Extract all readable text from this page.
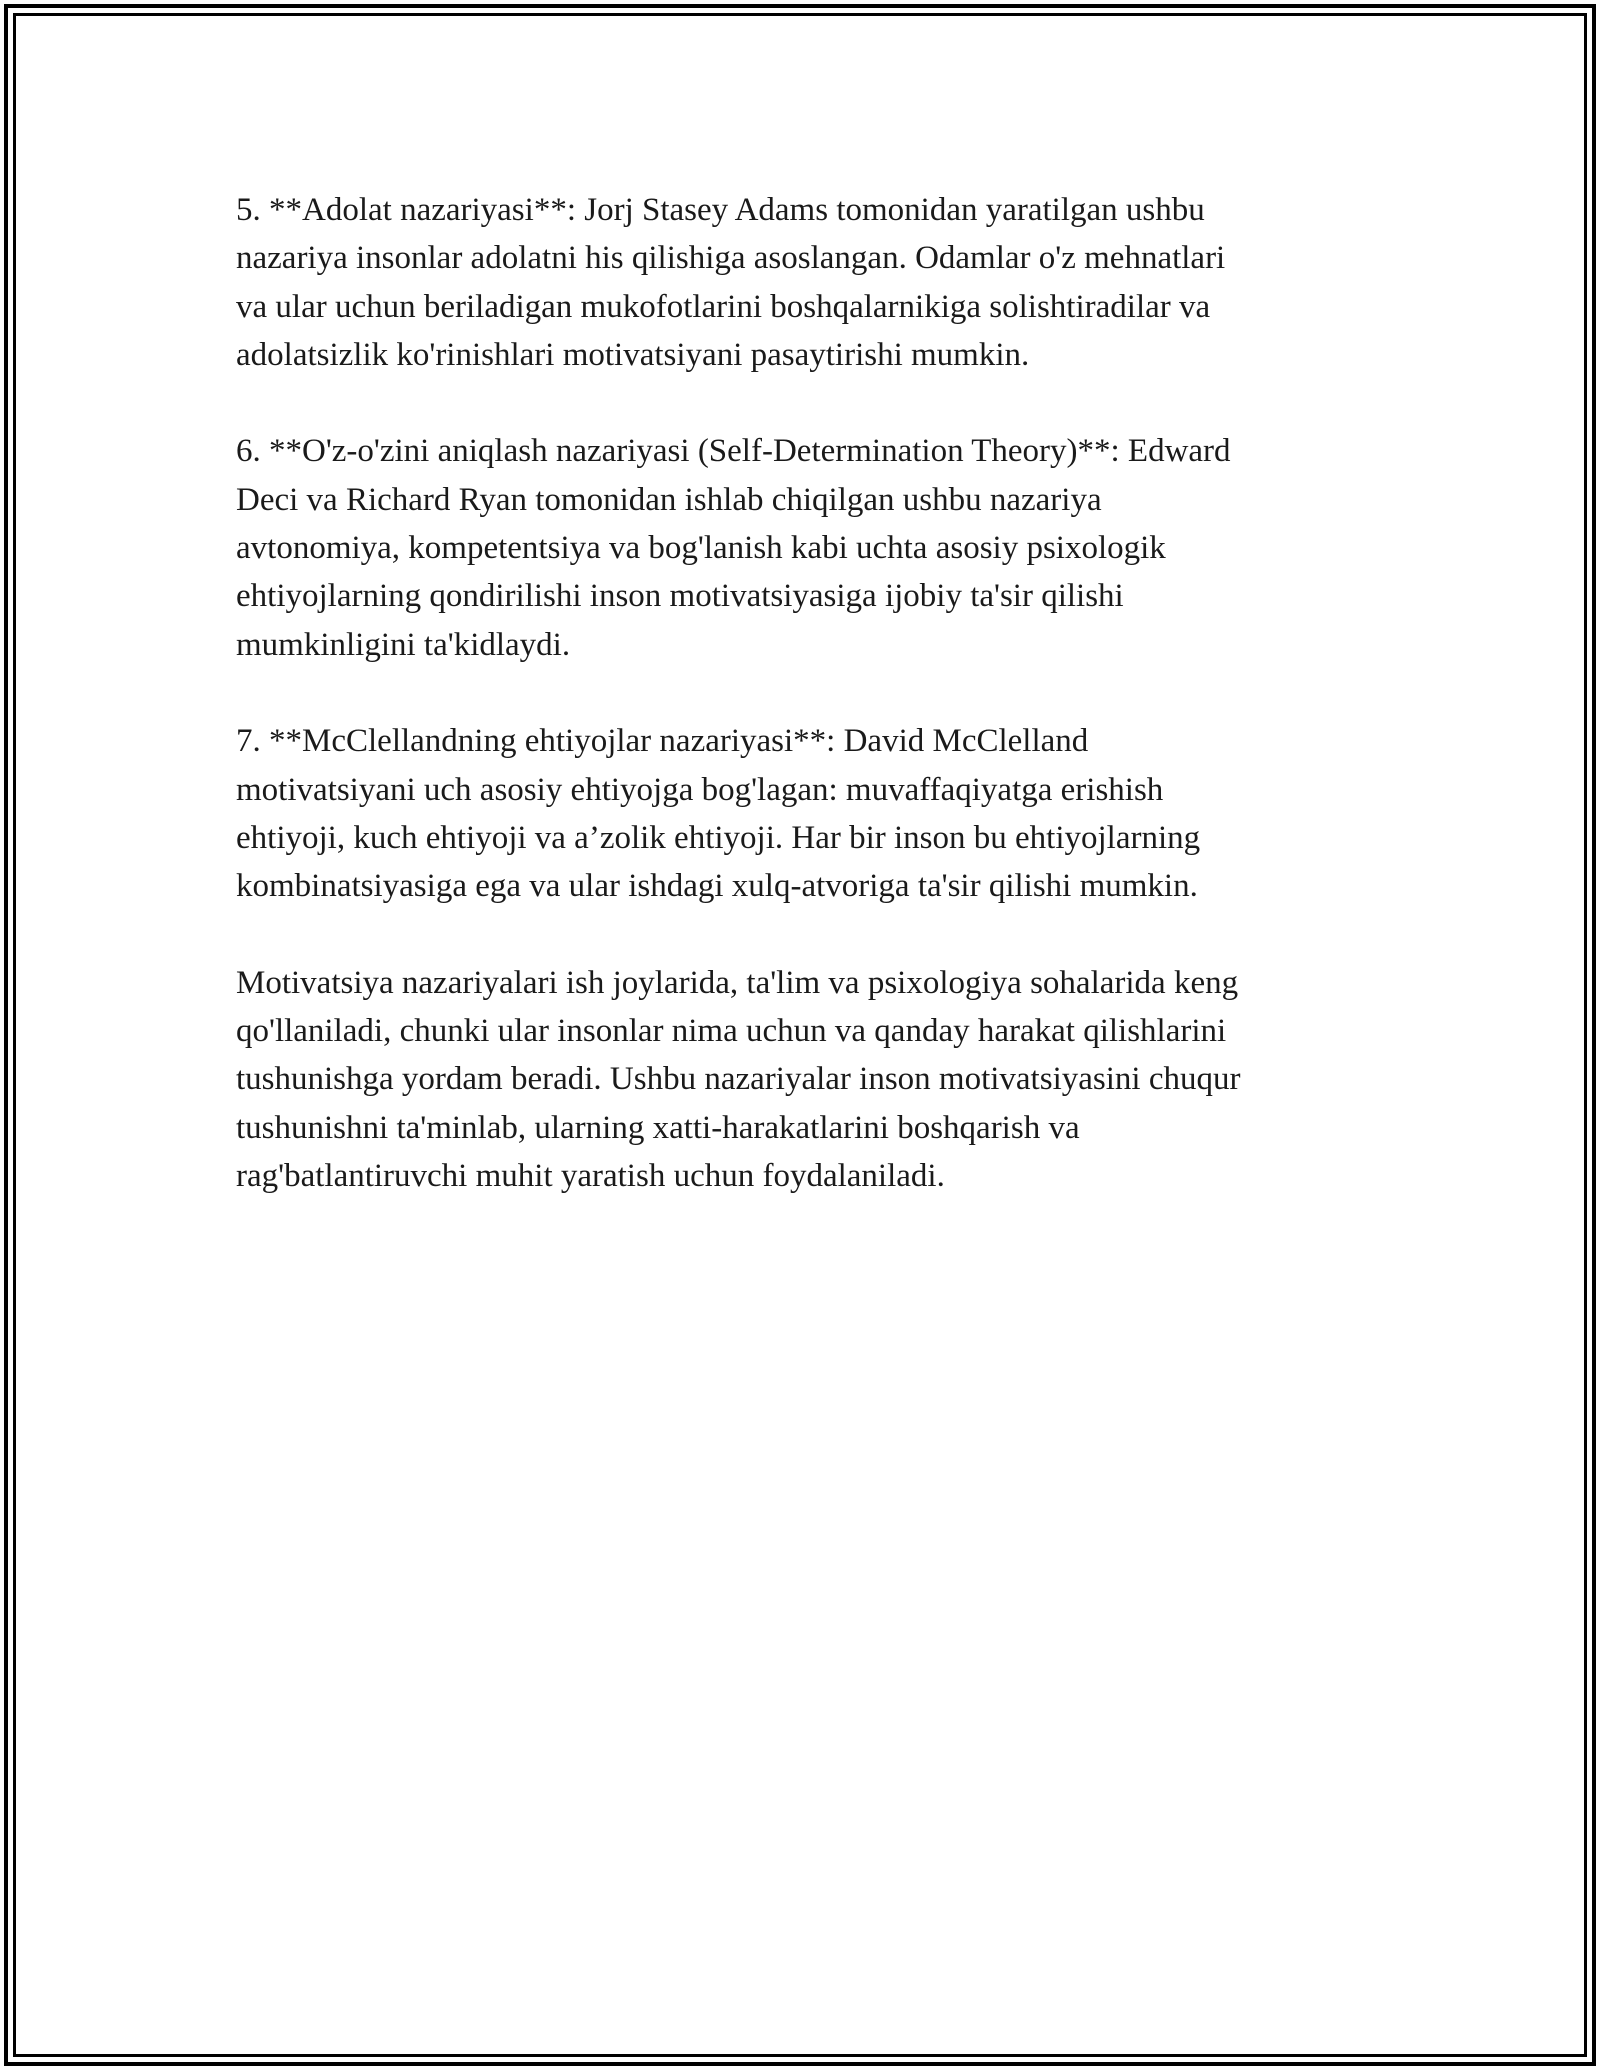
5. **Adolat nazariyasi**: Jorj Stasey Adams tomonidan yaratilgan ushbu
nazariya insonlar adolatni his qilishiga asoslangan. Odamlar o'z mehnatlari
va ular uchun beriladigan mukofotlarini boshqalarnikiga solishtiradilar va
adolatsizlik ko'rinishlari motivatsiyani pasaytirishi mumkin.
6. **O'z-o'zini aniqlash nazariyasi (Self-Determination Theory)**: Edward
Deci va Richard Ryan tomonidan ishlab chiqilgan ushbu nazariya
avtonomiya, kompetentsiya va bog'lanish kabi uchta asosiy psixologik
ehtiyojlarning qondirilishi inson motivatsiyasiga ijobiy ta'sir qilishi
mumkinligini ta'kidlaydi.
7. **McClellandning ehtiyojlar nazariyasi**: David McClelland
motivatsiyani uch asosiy ehtiyojga bog'lagan: muvaffaqiyatga erishish
ehtiyoji, kuch ehtiyoji va a’zolik ehtiyoji. Har bir inson bu ehtiyojlarning
kombinatsiyasiga ega va ular ishdagi xulq-atvoriga ta'sir qilishi mumkin.
Motivatsiya nazariyalari ish joylarida, ta'lim va psixologiya sohalarida keng
qo'llaniladi, chunki ular insonlar nima uchun va qanday harakat qilishlarini
tushunishga yordam beradi. Ushbu nazariyalar inson motivatsiyasini chuqur
tushunishni ta'minlab, ularning xatti-harakatlarini boshqarish va
rag'batlantiruvchi muhit yaratish uchun foydalaniladi.
